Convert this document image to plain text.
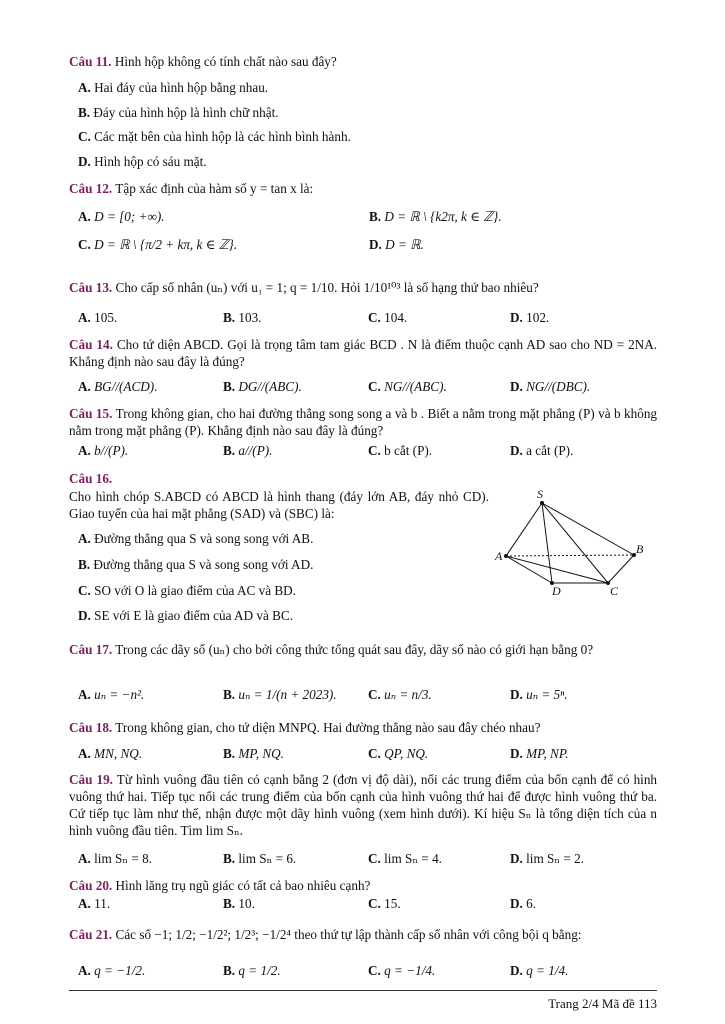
Câu 11. Hình hộp không có tính chất nào sau đây?
A. Hai đáy của hình hộp bằng nhau.
B. Đáy của hình hộp là hình chữ nhật.
C. Các mặt bên của hình hộp là các hình bình hành.
D. Hình hộp có sáu mặt.
Câu 12. Tập xác định của hàm số y = tan x là:
A. D = [0; +∞).	B. D = ℝ \ {k2π, k ∈ ℤ}.
C. D = ℝ \ {π/2 + kπ, k ∈ ℤ}.	D. D = ℝ.
Câu 13. Cho cấp số nhân (uₙ) với u₁ = 1; q = 1/10. Hỏi 1/10¹⁰³ là số hạng thứ bao nhiêu?
A. 105.	B. 103.	C. 104.	D. 102.
Câu 14. Cho tứ diện ABCD. Gọi là trọng tâm tam giác BCD . N là điểm thuộc cạnh AD sao cho ND = 2NA. Khẳng định nào sau đây là đúng?
A. BG//(ACD).	B. DG//(ABC).	C. NG//(ABC).	D. NG//(DBC).
Câu 15. Trong không gian, cho hai đường thẳng song song a và b . Biết a nằm trong mặt phẳng (P) và b không nằm trong mặt phẳng (P). Khẳng định nào sau đây là đúng?
A. b//(P).	B. a//(P).	C. b cắt (P).	D. a cắt (P).
Câu 16.
Cho hình chóp S.ABCD có ABCD là hình thang (đáy lớn AB, đáy nhỏ CD). Giao tuyến của hai mặt phẳng (SAD) và (SBC) là:
A. Đường thẳng qua S và song song với AB.
B. Đường thẳng qua S và song song với AD.
C. SO với O là giao điểm của AC và BD.
D. SE với E là giao điểm của AD và BC.
S
A	B
C
D
Câu 17. Trong các dãy số (uₙ) cho bởi công thức tổng quát sau đây, dãy số nào có giới hạn bằng 0?
A. uₙ = −n².	B. uₙ = 1/(n + 2023). C. uₙ = n/3.	D. uₙ = 5ⁿ.
Câu 18. Trong không gian, cho tứ diện MNPQ. Hai đường thẳng nào sau đây chéo nhau?
A. MN, NQ.	B. MP, NQ.	C. QP, NQ.	D. MP, NP.
Câu 19. Từ hình vuông đầu tiên có cạnh bằng 2 (đơn vị độ dài), nối các trung điểm của bốn cạnh để có hình vuông thứ hai. Tiếp tục nối các trung điểm của bốn cạnh của hình vuông thứ hai để được hình vuông thứ ba. Cứ tiếp tục làm như thế, nhận được một dãy hình vuông (xem hình dưới). Kí hiệu Sₙ là tổng diện tích của n hình vuông đầu tiên. Tìm lim Sₙ.
A. lim Sₙ = 8.	B. lim Sₙ = 6.	C. lim Sₙ = 4.	D. lim Sₙ = 2.
Câu 20. Hình lăng trụ ngũ giác có tất cả bao nhiêu cạnh?
A. 11.	B. 10.	C. 15.	D. 6.
Câu 21. Các số −1; 1/2; −1/2²; 1/2³; −1/2⁴ theo thứ tự lập thành cấp số nhân với công bội q bằng:
A. q = −1/2.	B. q = 1/2.	C. q = −1/4.	D. q = 1/4.
Trang 2/4 Mã đề 113
